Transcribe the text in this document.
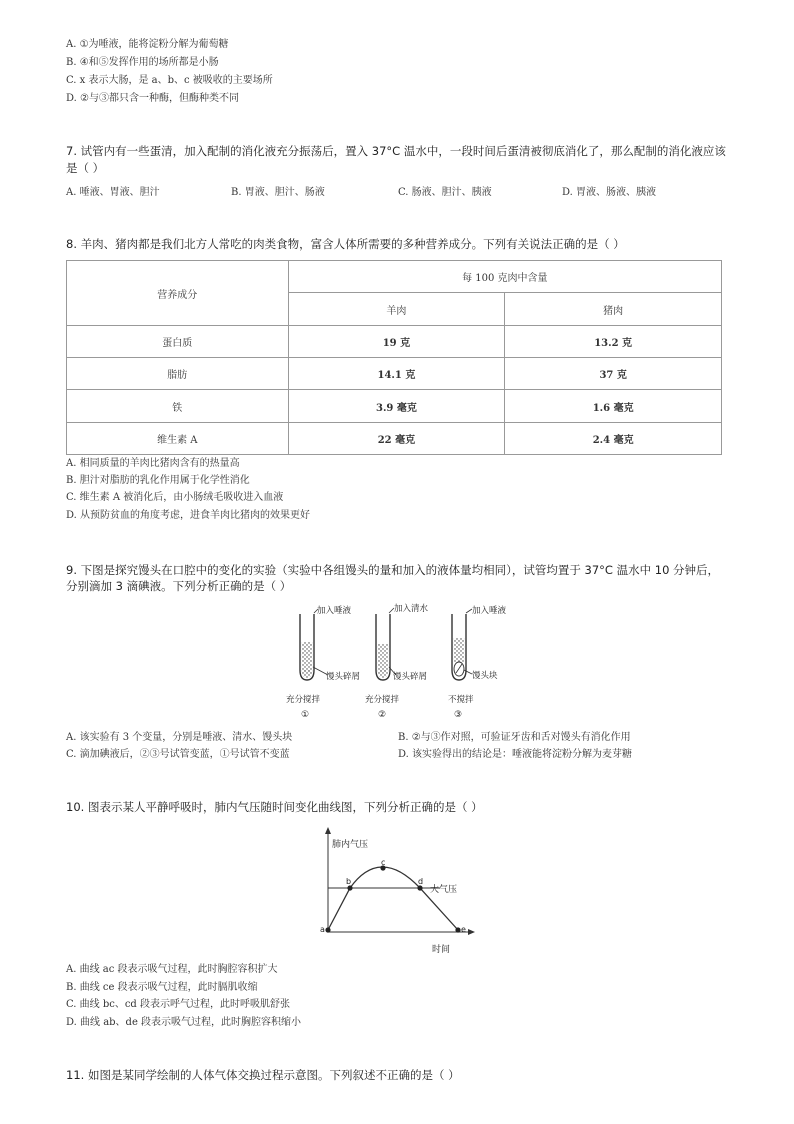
A. ①为唾液，能将淀粉分解为葡萄糖
B. ④和⑤发挥作用的场所都是小肠
C. x 表示大肠，是 a、b、c 被吸收的主要场所
D. ②与③都只含一种酶，但酶种类不同
7. 试管内有一些蛋清，加入配制的消化液充分振荡后，置入 37°C 温水中，一段时间后蛋清被彻底消化了，那么配制的消化液应该
是（ ）
A. 唾液、胃液、胆汁	B. 胃液、胆汁、肠液	C. 肠液、胆汁、胰液	D. 胃液、肠液、胰液
8. 羊肉、猪肉都是我们北方人常吃的肉类食物，富含人体所需要的多种营养成分。下列有关说法正确的是（ ）
营养成分	每 100 克肉中含量	
	羊肉	猪肉
蛋白质	19 克	13.2 克
脂肪	14.1 克	37 克
铁	3.9 毫克	1.6 毫克
维生素 A	22 毫克	2.4 毫克
A. 相同质量的羊肉比猪肉含有的热量高
B. 胆汁对脂肪的乳化作用属于化学性消化
C. 维生素 A 被消化后，由小肠绒毛吸收进入血液
D. 从预防贫血的角度考虑，进食羊肉比猪肉的效果更好
9. 下图是探究馒头在口腔中的变化的实验（实验中各组馒头的量和加入的液体量均相同），试管均置于 37°C 温水中 10 分钟后，
分别滴加 3 滴碘液。下列分析正确的是（ ）
加入唾液
馒头碎屑
充分搅拌
①
加入清水
馒头碎屑
充分搅拌
②
加入唾液
馒头块
不搅拌
③
A. 该实验有 3 个变量，分别是唾液、清水、馒头块	B. ②与③作对照，可验证牙齿和舌对馒头有消化作用
C. 滴加碘液后，②③号试管变蓝，①号试管不变蓝	D. 该实验得出的结论是：唾液能将淀粉分解为麦芽糖
10. 图表示某人平静呼吸时，肺内气压随时间变化曲线图，下列分析正确的是（ ）
a
b
c
d
e
肺内气压
时间
大气压
A. 曲线 ac 段表示吸气过程，此时胸腔容积扩大
B. 曲线 ce 段表示吸气过程，此时膈肌收缩
C. 曲线 bc、cd 段表示呼气过程，此时呼吸肌舒张
D. 曲线 ab、de 段表示吸气过程，此时胸腔容积缩小
11. 如图是某同学绘制的人体气体交换过程示意图。下列叙述不正确的是（ ）
